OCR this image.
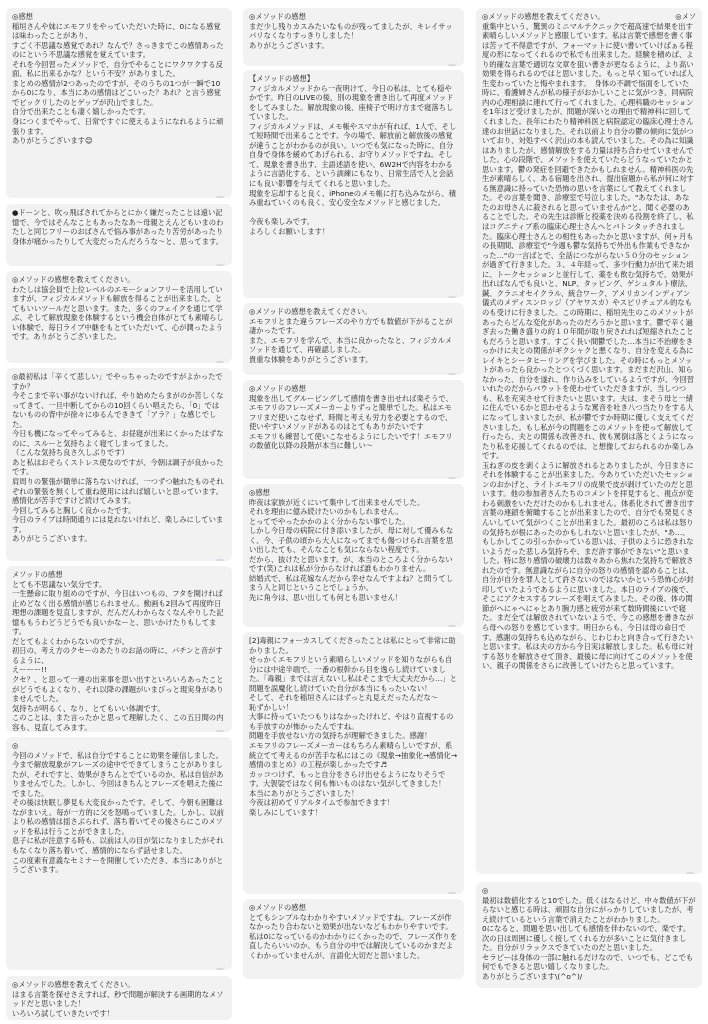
◎感想
稲垣さんや妹にエモフリをやっていただいた時に、0になる感覚は味わったことがあり、
すごく不思議な感覚であれ？なんで？さっきまでこの感情あったのにという不思議な感覚を覚えています。
それを今回習ったメソッドで、自分でやることにワクワクする反面、私に出来るかな？という不安？がありました。
まとめの感情が2つあったのですが、そのうちの1つが一瞬で10から0になり、本当にあの感情はどこいった？あれ？と言う感覚でビックリしたのとゲップが沢山でました。
自分で出来たことも凄く嬉しかったです。
身につくまでやって、日常ですぐに使えるようになれるように頑張ります。
ありがとうございます😊
●ドーンと、吹っ飛ばされてからとにかく嫌だったことは遠い記憶で、今ではそんなこともあったなあ～母親とえんどもいまのわたしと同じフリーのおばさんで悩み事があったり苦労があったり身体が痛かったりして大変だったんだろうな～と、思ってます。
◎メソッドの感想を教えてください。
わたしは協会員で上位レベルのエモーションフリーを活用していますが、フィジカルメソッドも解放を得ることが出来ました。とてもいいツールだと思います。また、多くのフェイクを通じて学ぶ、そして解放現象を体験するという機会自体がとても素晴らしい体験で、毎日ライブ中継をもとていただいて、心が潤ったようです。ありがとうございました。
◎最初私は「辛くて悲しい」でやっちゃったのですがよかったですか？
今そこまで辛い事がないければ、やり始めたらまがのか苦しくなってきて、一旦中断してからの10回くらい唱えたら、「0」ではないものの背中が徐々にゆるんでききて「アラ？」な感じでした。
今日も機になってやってみると、お昼寝が出来にくかったはずなのに、スルーと気持ちよく寝てしまってました。
（こんな気持ち良さ久しぶりです）
あと私はおそらくストレス使なのですが、今朝は調子が良かったです。
肩周りの緊張が簡単に落ちないければ、一つずつ触れたものそれぞれの緊張を無くして重ね使用にはれば嬉しいと思っています。
感情化が苦手ですけど続けてみます。
今回してみると胸しく良かったです。
今日のライブは時間通りには見れないけれど、楽しみにしています。
ありがとうございます。
メソッドの感想
とても不思議ない気分です。
一生懸命に取り組めのですが、今日はいつもの、フタを開ければ止めどなく出る感情が感じられません。動画も2回みて再度昨日理想の課題を見直しますが、だんだんわからなくなんやりした記憶ももうわどうどうでも良いかなーと、思いかけたりもしてます。
だとてもよくわからないのですが、
初日の、考え方のクセーのあたりのお話の時に、パチンと音がするように、
えーーー!!
クセ？、と思って一連の出来事を思い出すといろいろあったことがどうでもよくなり、それ以降の課題がいまびっと現実身がありませんでした。
気持ちが明るく、なり、とてもいい体調です。
このことは、また言ったかと思って理解したく、この五日間の内容も、見直してみます。
◎
今回のメソッドで、私は自分ですることに効果を確信しました。
今まで解放現象がフレーズの途中でできてしまうことがありましたが、それですと、効果がきちんとでているのか、私は自信がありませんでした。しかし、今回はきちんとフレーズを唱えた後にでました。
その後は快眠し夢見も大変良かったです。そして、今朝も困難はながまいえ。毎が一方的に父を怒鳴っていました。しかし、以前より私の感情は揺さぶられず、落ち着いてその後さらにこのメソッドを私は行うことができました。
息子に私が注意する時も、以前は人の目が気になりましたがそれもなくなり落ち着いて、感情的にならず話せました。
この度素有意義なセミナーを開催していただき、本当にありがとうございます。
◎メソッドの感想を教えてください。
はまる言葉を探せさえすれば、秒で問題が解決する画期的なメソッドだと思いました！
いろいろ試していきたいです！
◎メソッドの感想
まだ少し残りカスみたいなものが残ってましたが、キレイサッパリなくなりすっきりしました！
ありがとうございます。
【メソッドの感想】
フィジカルメソッドから一夜明けて、今日の私は、とても穏やかです。昨日のLIVEの後、別の現象を書き出して再度メソッドをしてみました。解放現象の後、座椅子で明け方まで寝落ちしていました。
フィジカルメソッドは、メモ帳やスマホが有れば、1人で、そして短時間で出来ることです。今の場で、解放前と解放後の感覚が違うことがわかるのが良い。いつでも気になった時に、自分自身で身体を緩めてあげられる、お守りメソッドですね。そして、現象を書き出す、主語述語を使い、6W2Hで内容をわかるように言語化する、という訓練にもなり、日常生活で人と会話にも良い影響を与えてくれると思いました。
現象を忘却すると良く、iPhoneのメモ帳に打ち込みながら、積み重ねていくのも良く、安心安全なメソッドと感じました。

今夜も楽しみです。
よろしくお願いします！
◎メソッドの感想を教えてください。
エモフリとまた違うフレーズのやり方でも数値が下がることが凄かったです。
また、エモフリを学んで、本当に良かったなと、フィジカルメソッドを通じて、再確認しました。
貴重な体験をありがとうございます。
◎メソッドの感想
現象を出してグルーピングして感情を書き出せれば楽そうで、エモフリのフレーズメーカーよりずっと簡単でした。私はエモフリまだ使いこなせず、時間と考えも労力を必要とするので、使いやすいメソッドがあるのはとてもありがたいです
エモフリも練習して使いこなせるようにしたいです！エモフリの数値化以降の段階が本当に難しい～
◎感想
昨夜は家族が近くにいて集中して出来ませんでした。
それを理由に億み続けたいのかもしれません。
とってでやったかかのよく分からない事でした。
しかし今日母の病院に付き添いましたが、母に対して優みもなく、今、子供の頃から大人になってまでも傷つけられ言葉を思い出したても、そんなことも気にならない程度です。
だから、抜けたと思います。が、本当のところよく分からないです(笑)これは私が分からなければ誰もわかりません。
結婚式で、私は花嫁なんだから幸せなんですよね？と問うてしまう人と同じということでしょうか。
先に角今は、思い出しても何とも思いません！
[2]毒親にフォーカスしてくださったことは私にとって非常に助かりました。
せっかくエモフリという素晴らしいメソッドを知りながらも自分には中途半端で、一番の根幹から目を逸らし続けていました。「毒親」までは言えないし私はそこまで大丈夫だから…」と問題を誤魔化し続けていた自分が本当にもったいない！
そして、それを稲垣さんにはずっと丸見えだったんだな～
恥ずかしい！
大事に持っていたつもりはなかったけれど、やはり直視するのも手放すのが怖かったんですね。
問題を手放せない方の気持ちが理解できました。感謝！
エモフリのフレーズメーカーはもちろん素晴らしいですが、系統立てて考えるのが苦手な私にはこの《現象→抽象化→感情化→感情のまとめ》の工程が楽しかったです♬
カッコつけず、もっと自分をさらけ出せるようになりそうです。大袈裟ではなく何も怖いものはない気がしてきました！
本当にありがとうございました！
今夜は初めてリアルタイムで参加できます！
楽しみにしています！
◎メソッドの感想
とてもシンプルなわかりやすいメソッドですね。フレーズが作なかったり合わないと効果が出ないなどもわかりやすいです。
私は0になっているのかわかりにくかったので、フレーズ作りを直したらいいのか、もう自分の中では解決しているのかまだよくわかっていませんが、言語化大切だと思いました。
◎メソ
◎メソッドの感想を教えてください。
重集中という、驚異のミニマルテクニックで超高速で結果を出す素晴らしいメソッドと感服しています。私は言葉で感想を書く事は苦ッて不得意ですが、フォーマットに使い書いていけばぁる程度の形になってくれるので私でも出来ました。経験を積めば、より的確な言葉で適切な文章を狙い書きが更なるように、より高い効果を得られるのではと思いました。もっと早く知っていれば人生変わっていたと悔やまれます。　身体の不調で悩面をしていた時に、看護婦さんが私の様子がおかしいことに気がつき、同病院内の心理相談に連れて行ってくれました。心理科職のセッションを1年ほど受けましたが、問題が深いとの理由で精神科に回してくれました。長年にわたり精神科医と病院認定の臨床心理士さん達のお世話になりました。それ以前より自分の鬱の傾向に気がついており、対処すべく沢山の本も読んでいました。その為に知識はありましたが、感情解放をする力量は持ち合わせていませんでした。心の段階で、メソットを使えていたらどうなっていたかと思います。鬱の発症を回避できたかもしれません。精神科医の先生が素晴らしく、ある宿題を出され、提出宿題から私が何に対する無意識に持っていた恐怖の思いを言葉にして教えてくれました。その言葉を聞き、診療室で号泣しました。"あなたは、あなたのお母さんに殺されると思っていませんか"と。聞く必要のあることでした。その先生は診断と投薬を決める役割を終了し、私はコグニティブ系の臨床心理士さんへとバトンタッチされました。臨床心理士さんとの相性もあったかと思いますが、何ヶ月もの長期間、診療室で"今週も鬱な気持ちで外出も作業もできなかった…"の一言ばとで、全話につながらない５０分のセッションが過ぎて行きました。３、４年経って、多少行動力が出て来た頃に、トークセッションと並行して、薬をも飲む気持ちで、効果が出ればなんでも良いと、NLP、タッピング、ゲシュタルト療法、鍼、クラニオセイクラル、統合ワーク、アメリカンインディアン儀式のメディスンロッジ（アヤワスカ）やスピリチュアル的なものも受けに行きました。この時期に、稲垣先生のこのメソットがあったらどんな変化があったのだろうかと思います。鬱で辛く過ぎ去った働き盛りの約１０年間が取り戻されれば短縮されたこともだろうと思います。すごく長い間鬱でした…本当に不治療をきっかけに夫との関係がギクシャクと悪くなり、自分を変える為にレイキとシータヒーリングを学びました。その時にもっとメソットがあったら良かったとつくづく思います。まだまだ沢山、知らなかった、自分を遂れ、作り込みをしているようですが、今回習いれたのだからバウットを使わせていただきますが、当しつつも、私を充実させて行きたいと思います。夫は、まそう母と一緒に住んでいるかと思わせるような罵音を吐き八つ当たりをする人になってしまいましたが、私が鬱ですか時期に優しく支えてくださいました。もし私が今の問題をこのメソットを使って解放して行ったら、夫との関係も改善され、彼も罵倒は落とくようになったり私を応援してくれるのでは、と想像しておられるのか楽しみです。
玉ねぎの皮を剥くように解放されるとありましたが、今日まさにそれを体験することが出来ました。今ありていただいたセッションのおかげと、ライトエモフリの成果で皮が剥けていたのだと思います。他の参加者さんたちのコメントを拝見すると、視点が変わる刺激をいただけたのかもしれません。体系化されて書き出す言葉の連鎖を俯瞰することが出来ましたので、自分でも発見くさんいしていて気がつくことが出来ました。最初のころは私は怒りの気持ちが根にあったのかもしれないと思いましたが、"あ…、もしかしてこの引っかかっている思いは、子供のように恐きれないようだった悲しみ気持ちや、まだ許す事ができない"と思いました。特に怒り感情の破壊力は数々あから焦れた気持ちで解放されたのです。無意識ながらに自分の怒りの感情を認めることは、自分が自分を罪人として許さないのではないかという恐怖心が封印していたようであるように思いました。本日のライブの後で、そこにアクセスするフレーズを唱えてみました。その後、体の関節がへにゃへにゃとあり腕力感と疲労が来て数時間後にいで寝た。まだ全ては解放されていないようで、今この感想を書きながら母への怒りを感じています。明日からも、今日は母の命日です。感謝の気持ちも込めながら、じわじわと向き合って行きたいと思います。私は夫の方から今日実は解放しました。私も母に対する怒りを解放させて頂き、最後に母に向けてこのメソットを使い、親子の関係をさらに改善していけたらと思っています。
◎
最初は数値化すると10でした。低くはなるけど、中々数値が下がらないと感じる時は、頑固な自分にがっかりしていましたが、考え続けているという言葉で消えたことがわかりました。
0になると、問題を思い出しても感情を伴わないので、楽です。
次の日は周囲に優しく接してくれる方が多いことに気付きました。自分がリラックスできていたのだと思いました。
セラピーは身体の一部に触れるだけなので、いつでも、どこでも何でもできると思い嬉しくなりました。
ありがとうございます\(^o^)/
